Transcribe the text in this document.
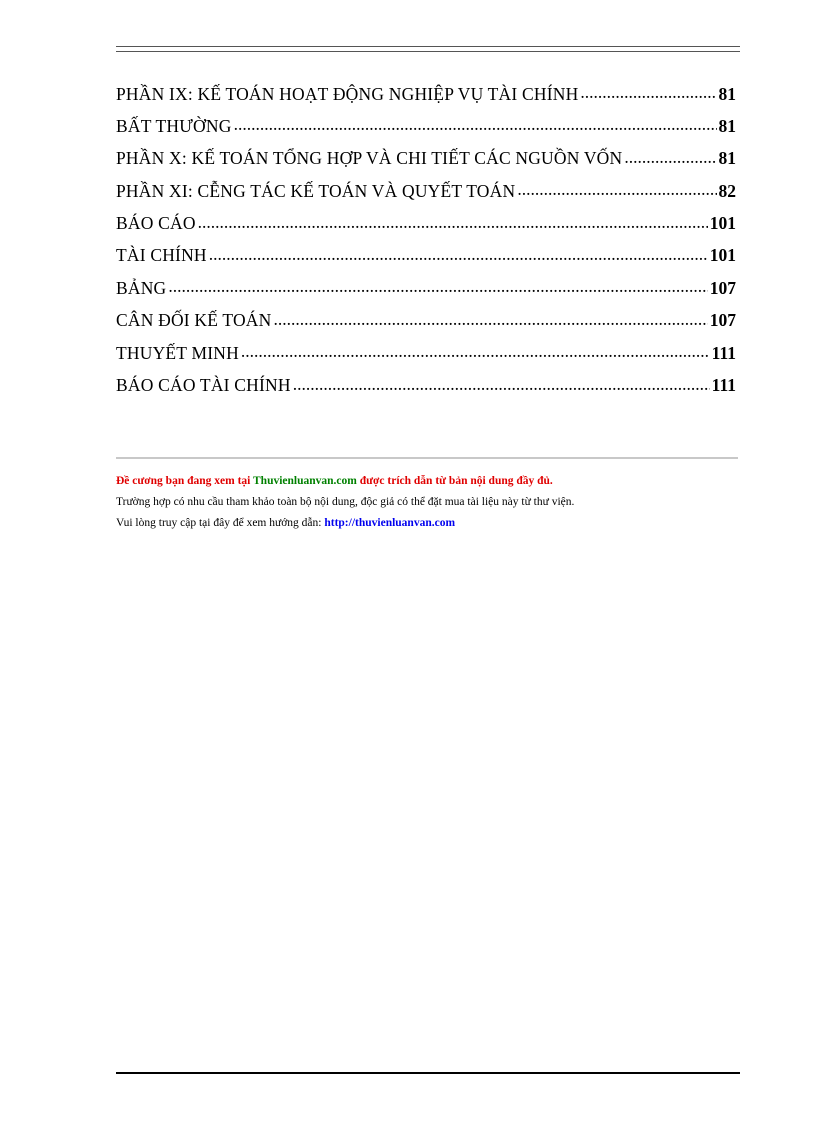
PHẦN IX: KẾ TOÁN HOẠT ĐỘNG NGHIỆP VỤ TÀI CHÍNH .....	81
BẤT THƯỜNG .....	81
PHẦN X: KẾ TOÁN TỔNG HỢP VÀ CHI TIẾT CÁC NGUỒN VỐN .....	81
PHẦN XI: CỄNG TÁC KẾ TOÁN VÀ QUYẾT TOÁN .....	82
BÁO CÁO .....	101
TÀI CHÍNH .....	101
BẢNG .....	107
CÂN ĐỐI KẾ TOÁN .....	107
THUYẾT MINH .....	111
BÁO CÁO TÀI CHÍNH .....	111
Đề cương bạn đang xem tại Thuvienluanvan.com được trích dẫn từ bản nội dung đầy đủ.
Trường hợp có nhu cầu tham khảo toàn bộ nội dung, độc giả có thể đặt mua tài liệu này từ thư viện.
Vui lòng truy cập tại đây để xem hướng dẫn: http://thuvienluanvan.com
